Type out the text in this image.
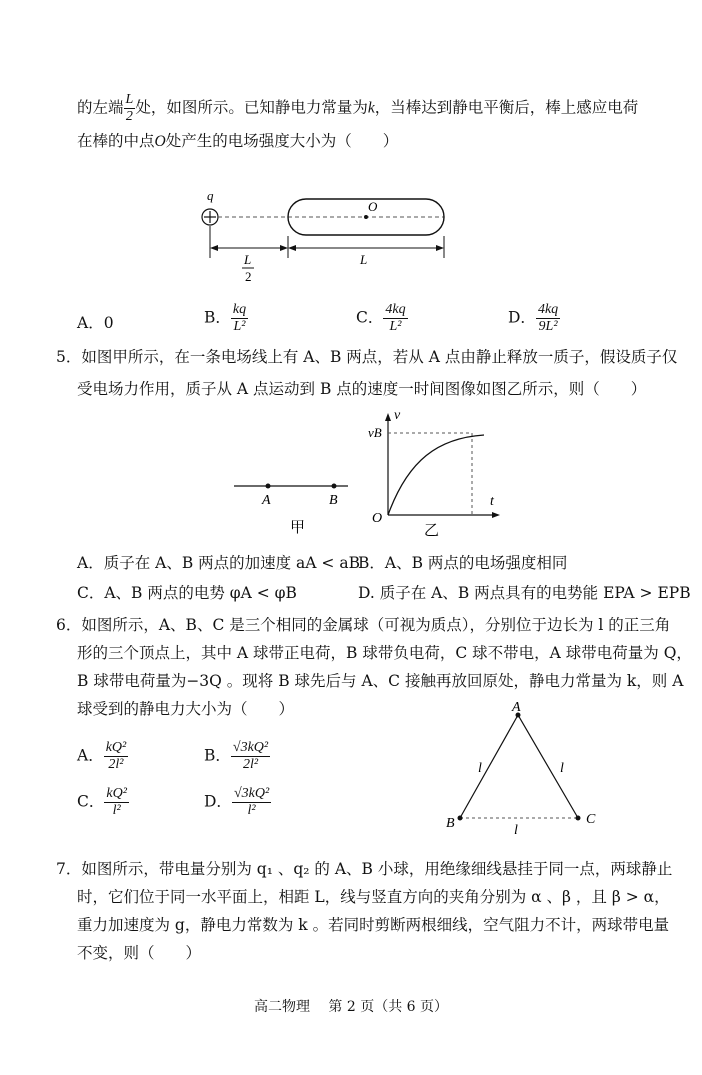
的左端 $\frac{L}{2}$ 处，如图所示。已知静电力常量为k，当棒达到静电平衡后，棒上感应电荷
在棒的中点O处产生的电场强度大小为（　　）
q
O
L
2
L
A．0	B． $\frac{kq}{\text{L²}}$	C． $\frac{4kq}{\text{L²}}$	D． $\frac{4kq}{\text{9L²}}$
5．如图甲所示，在一条电场线上有 A、B 两点，若从 A 点由静止释放一质子，假设质子仅
受电场力作用，质子从 A 点运动到 B 点的速度一时间图像如图乙所示，则（　　）
A	B
甲
v
vB
t
O
乙
A．质子在 A、B 两点的加速度 aA < aB
B．A、B 两点的电场强度相同
C．A、B 两点的电势 φA < φB	D. 质子在 A、B 两点具有的电势能 EPA > EPB
6．如图所示，A、B、C 是三个相同的金属球（可视为质点），分别位于边长为 l 的正三角
形的三个顶点上，其中 A 球带正电荷，B 球带负电荷，C 球不带电，A 球带电荷量为 Q，
B 球带电荷量为−3Q 。现将 B 球先后与 A、C 接触再放回原处，静电力常量为 k，则 A
球受到的静电力大小为（　　）
A． $\frac{\text{kQ²}}{\text{2l²}}$	B． $\frac{\text{√3kQ²}}{\text{2l²}}$
C． $\frac{\text{kQ²}}{\text{l²}}$	D． $\frac{\text{√3kQ²}}{\text{l²}}$
A
B	C
l	l
l
7．如图所示，带电量分别为 q₁ 、q₂ 的 A、B 小球，用绝缘细线悬挂于同一点，两球静止
时，它们位于同一水平面上，相距 L，线与竖直方向的夹角分别为 α 、β ，且 β > α，
重力加速度为 g，静电力常数为 k 。若同时剪断两根细线，空气阻力不计，两球带电量
不变，则（　　）
高二物理　 第 2 页（共 6 页）
